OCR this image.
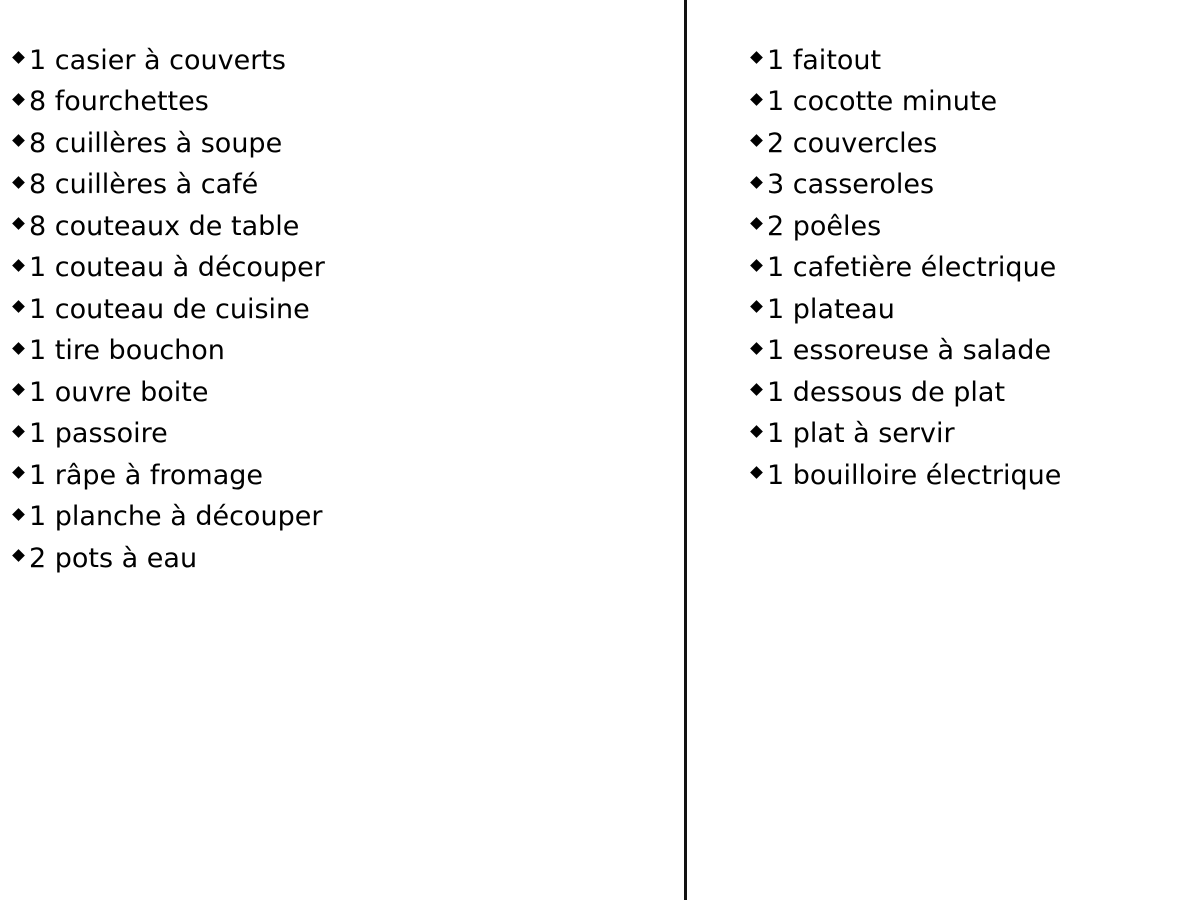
1 casier à couverts
8 fourchettes
8 cuillères à soupe
8 cuillères à café
8 couteaux de table
1 couteau à découper
1 couteau de cuisine
1 tire bouchon
1 ouvre boite
1 passoire
1 râpe à fromage
1 planche à découper
2 pots à eau
1 faitout
1 cocotte minute
2 couvercles
3 casseroles
2 poêles
1 cafetière électrique
1 plateau
1 essoreuse à salade
1 dessous de plat
1 plat à servir
1 bouilloire électrique
